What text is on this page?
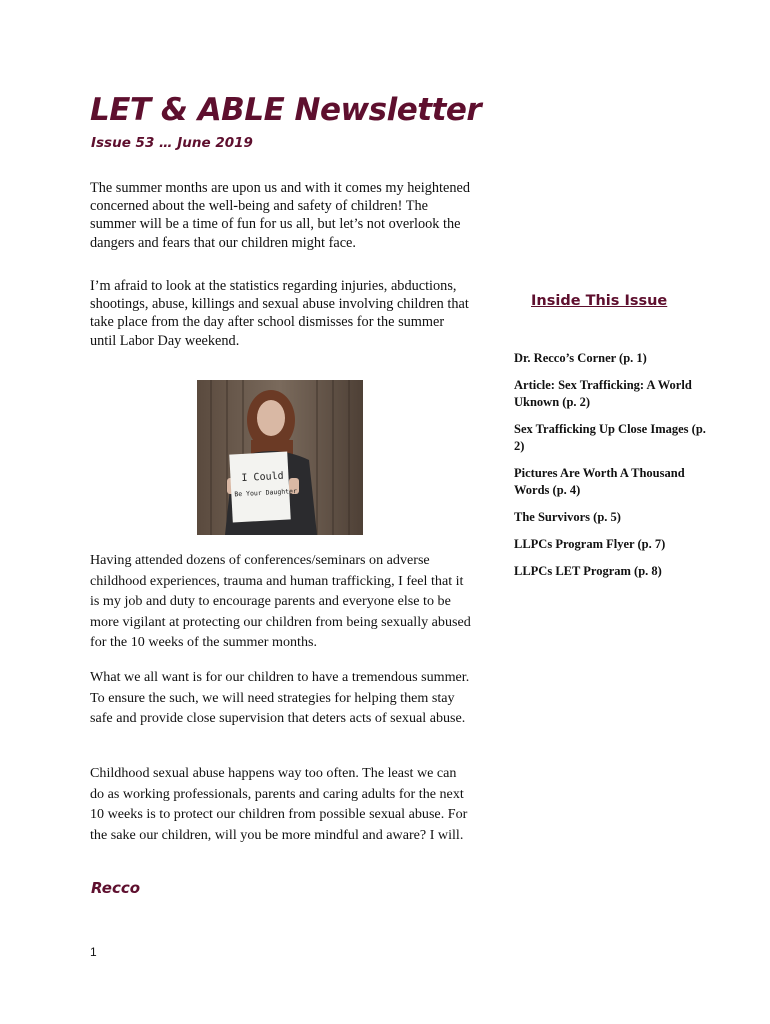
LET & ABLE Newsletter
Issue 53 … June 2019

The summer months are upon us and with it comes my heightened concerned about the well-being and safety of children! The summer will be a time of fun for us all, but let’s not overlook the dangers and fears that our children might face.

I’m afraid to look at the statistics regarding injuries, abductions, shootings, abuse, killings and sexual abuse involving children that take place from the day after school dismisses for the summer until Labor Day weekend.

I Could
Be Your Daughter

Having attended dozens of conferences/seminars on adverse childhood experiences, trauma and human trafficking, I feel that it is my job and duty to encourage parents and everyone else to be more vigilant at protecting our children from being sexually abused for the 10 weeks of the summer months.

What we all want is for our children to have a tremendous summer. To ensure the such, we will need strategies for helping them stay safe and provide close supervision that deters acts of sexual abuse.

Childhood sexual abuse happens way too often. The least we can do as working professionals, parents and caring adults for the next 10 weeks is to protect our children from possible sexual abuse. For the sake our children, will you be more mindful and aware? I will.

Recco
1
Inside This Issue
Dr. Recco’s Corner (p. 1)
Article: Sex Trafficking: A World Uknown (p. 2)
Sex Trafficking Up Close Images (p. 2)
Pictures Are Worth A Thousand Words (p. 4)
The Survivors (p. 5)
LLPCs Program Flyer (p. 7)
LLPCs LET Program (p. 8)
